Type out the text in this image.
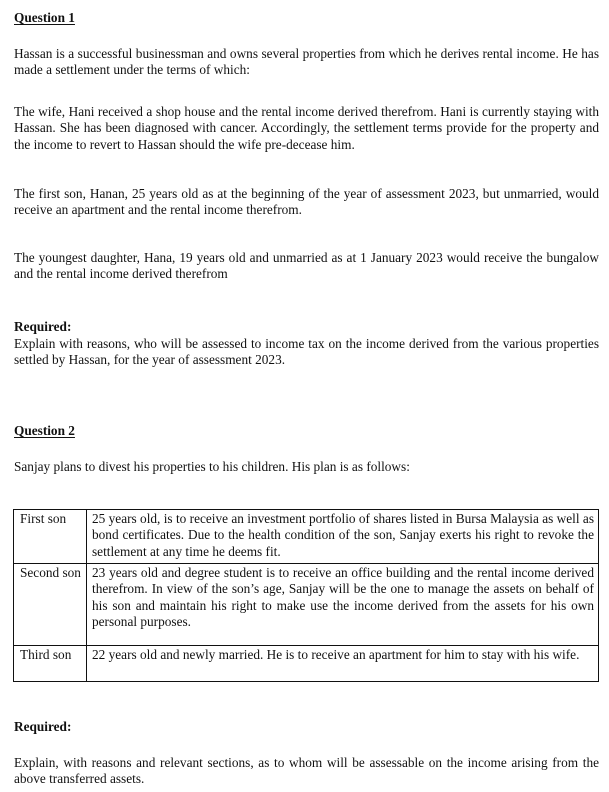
Question 1

Hassan is a successful businessman and owns several properties from which he derives rental income. He has made a settlement under the terms of which:

The wife, Hani received a shop house and the rental income derived therefrom. Hani is currently staying with Hassan. She has been diagnosed with cancer. Accordingly, the settlement terms provide for the property and the income to revert to Hassan should the wife pre-decease him.

The first son, Hanan, 25 years old as at the beginning of the year of assessment 2023, but unmarried, would receive an apartment and the rental income therefrom.

The youngest daughter, Hana, 19 years old and unmarried as at 1 January 2023 would receive the bungalow and the rental income derived therefrom

Required:

Explain with reasons, who will be assessed to income tax on the income derived from the various properties settled by Hassan, for the year of assessment 2023.

Question 2

Sanjay plans to divest his properties to his children. His plan is as follows:

First son	25 years old, is to receive an investment portfolio of shares listed in Bursa Malaysia as well as bond certificates. Due to the health condition of the son, Sanjay exerts his right to revoke the settlement at any time he deems fit.
Second son	23 years old and degree student is to receive an office building and the rental income derived therefrom. In view of the son’s age, Sanjay will be the one to manage the assets on behalf of his son and maintain his right to make use the income derived from the assets for his own personal purposes.
Third son	22 years old and newly married. He is to receive an apartment for him to stay with his wife.

Required:

Explain, with reasons and relevant sections, as to whom will be assessable on the income arising from the above transferred assets.
